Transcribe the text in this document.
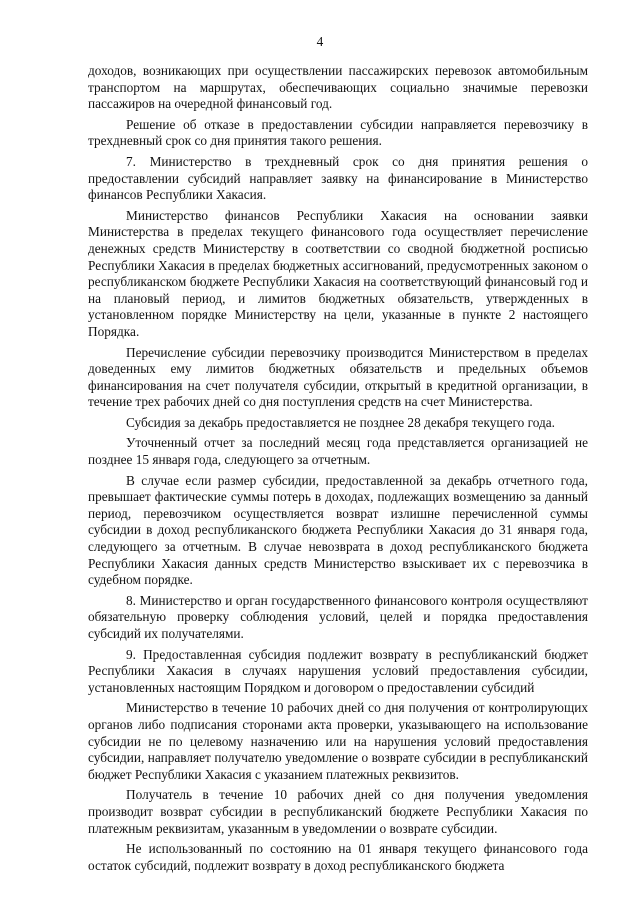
4

доходов, возникающих при осуществлении пассажирских перевозок автомобильным транспортом на маршрутах, обеспечивающих социально значимые перевозки пассажиров на очередной финансовый год.

Решение об отказе в предоставлении субсидии направляется перевозчику в трехдневный срок со дня принятия такого решения.

7. Министерство в трехдневный срок со дня принятия решения о предоставлении субсидий направляет заявку на финансирование в Министерство финансов Республики Хакасия.

Министерство финансов Республики Хакасия на основании заявки Министерства в пределах текущего финансового года осуществляет перечисление денежных средств Министерству в соответствии со сводной бюджетной росписью Республики Хакасия в пределах бюджетных ассигнований, предусмотренных законом о республиканском бюджете Республики Хакасия на соответствующий финансовый год и на плановый период, и лимитов бюджетных обязательств, утвержденных в установленном порядке Министерству на цели, указанные в пункте 2 настоящего Порядка.

Перечисление субсидии перевозчику производится Министерством в пределах доведенных ему лимитов бюджетных обязательств и предельных объемов финансирования на счет получателя субсидии, открытый в кредитной организации, в течение трех рабочих дней со дня поступления средств на счет Министерства.

Субсидия за декабрь предоставляется не позднее 28 декабря текущего года.

Уточненный отчет за последний месяц года представляется организацией не позднее 15 января года, следующего за отчетным.

В случае если размер субсидии, предоставленной за декабрь отчетного года, превышает фактические суммы потерь в доходах, подлежащих возмещению за данный период, перевозчиком осуществляется возврат излишне перечисленной суммы субсидии в доход республиканского бюджета Республики Хакасия до 31 января года, следующего за отчетным. В случае невозврата в доход республиканского бюджета Республики Хакасия данных средств Министерство взыскивает их с перевозчика в судебном порядке.

8. Министерство и орган государственного финансового контроля осуществляют обязательную проверку соблюдения условий, целей и порядка предоставления субсидий их получателями.

9. Предоставленная субсидия подлежит возврату в республиканский бюджет Республики Хакасия в случаях нарушения условий предоставления субсидии, установленных настоящим Порядком и договором о предоставлении субсидий

Министерство в течение 10 рабочих дней со дня получения от контролирующих органов либо подписания сторонами акта проверки, указывающего на использование субсидии не по целевому назначению или на нарушения условий предоставления субсидии, направляет получателю уведомление о возврате субсидии в республиканский бюджет Республики Хакасия с указанием платежных реквизитов.

Получатель в течение 10 рабочих дней со дня получения уведомления производит возврат субсидии в республиканский бюджете Республики Хакасия по платежным реквизитам, указанным в уведомлении о возврате субсидии.

Не использованный по состоянию на 01 января текущего финансового года остаток субсидий, подлежит возврату в доход республиканского бюджета
